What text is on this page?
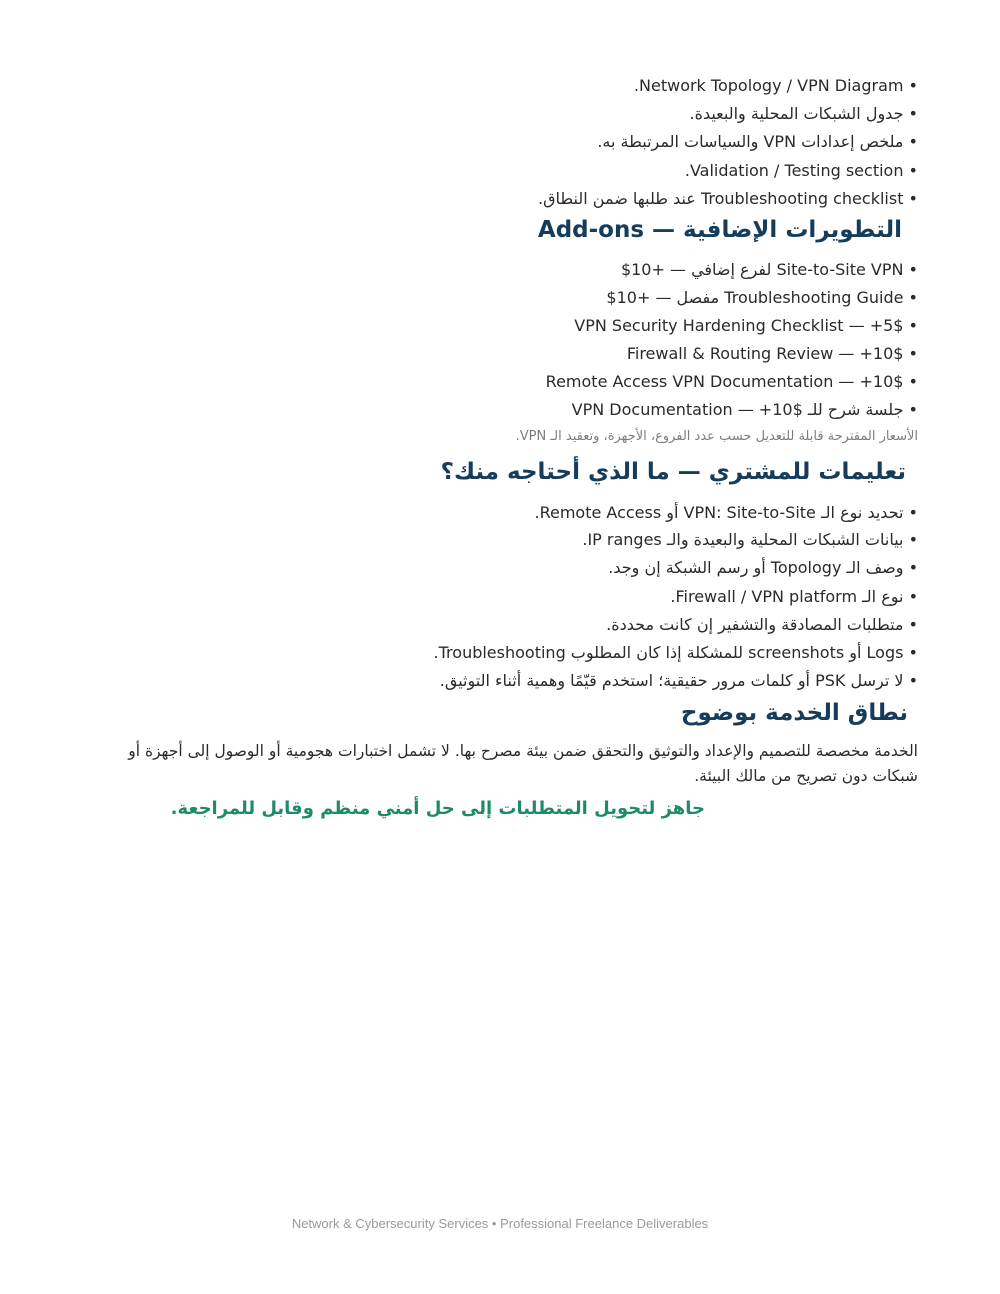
• Network Topology / VPN Diagram.
• جدول الشبكات المحلية والبعيدة.
• ملخص إعدادات VPN والسياسات المرتبطة به.
• Validation / Testing section.
• Troubleshooting checklist عند طلبها ضمن النطاق.
التطويرات الإضافية — Add-ons
• Site-to-Site VPN لفرع إضافي — +10$
• Troubleshooting Guide مفصل — +10$
• VPN Security Hardening Checklist — +5$
• Firewall & Routing Review — +10$
• Remote Access VPN Documentation — +10$
• جلسة شرح للـ VPN Documentation — +10$
الأسعار المقترحة قابلة للتعديل حسب عدد الفروع، الأجهزة، وتعقيد الـ VPN.
تعليمات للمشتري — ما الذي أحتاجه منك؟
• تحديد نوع الـ VPN: Site-to-Site أو Remote Access.
• بيانات الشبكات المحلية والبعيدة والـ IP ranges.
• وصف الـ Topology أو رسم الشبكة إن وجد.
• نوع الـ Firewall / VPN platform.
• متطلبات المصادقة والتشفير إن كانت محددة.
• Logs أو screenshots للمشكلة إذا كان المطلوب Troubleshooting.
• لا ترسل PSK أو كلمات مرور حقيقية؛ استخدم قيّمًا وهمية أثناء التوثيق.
نطاق الخدمة بوضوح
الخدمة مخصصة للتصميم والإعداد والتوثيق والتحقق ضمن بيئة مصرح بها. لا تشمل اختبارات هجومية أو الوصول إلى أجهزة أو شبكات دون تصريح من مالك البيئة.
جاهز لتحويل المتطلبات إلى حل أمني منظم وقابل للمراجعة.
Network & Cybersecurity Services • Professional Freelance Deliverables
